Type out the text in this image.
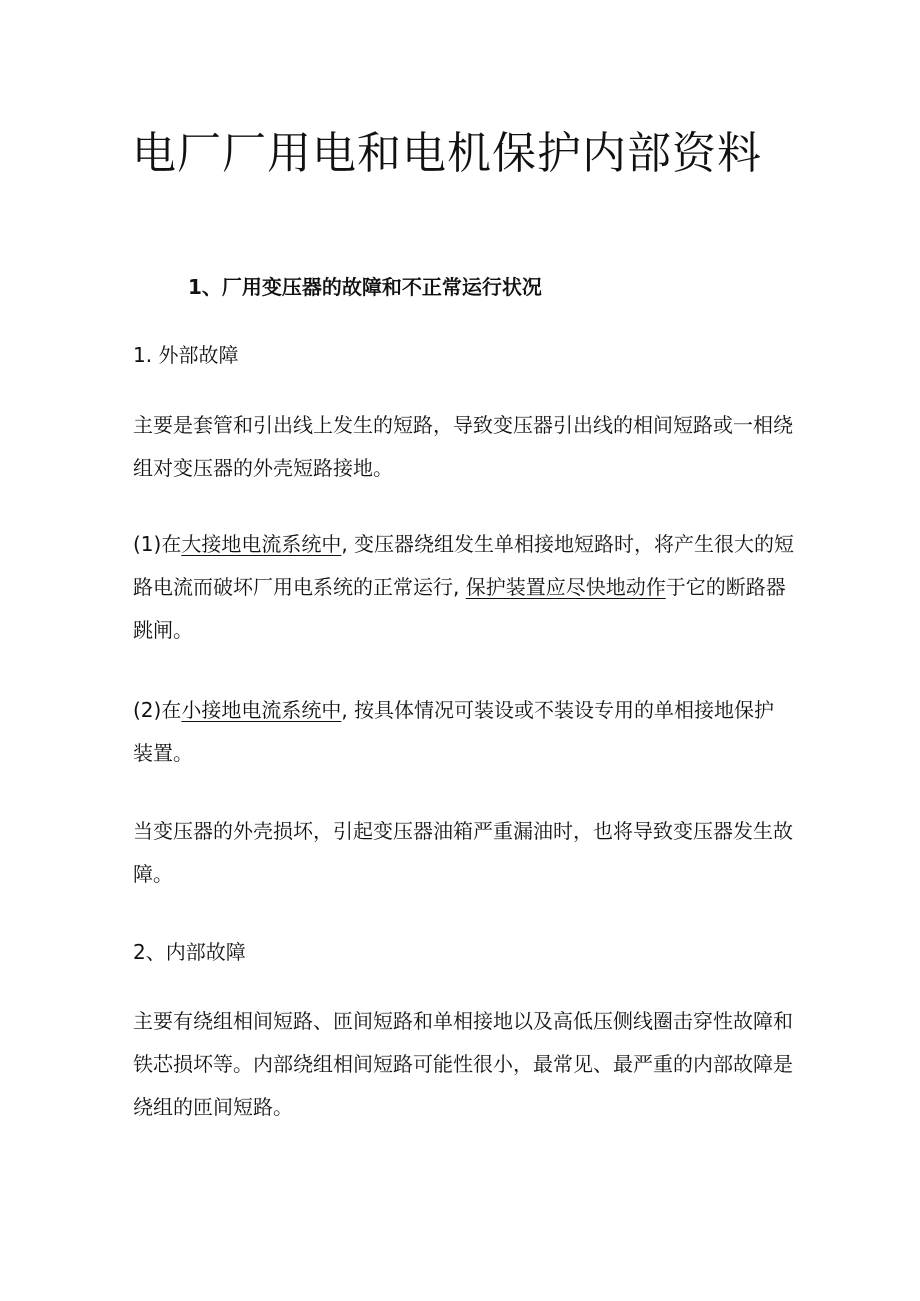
电厂厂用电和电机保护内部资料
1、厂用变压器的故障和不正常运行状况

1. 外部故障

主要是套管和引出线上发生的短路，导致变压器引出线的相间短路或一相绕
组对变压器的外壳短路接地。

(1)在大接地电流系统中, 变压器绕组发生单相接地短路时，将产生很大的短
路电流而破坏厂用电系统的正常运行, 保护装置应尽快地动作于它的断路器
跳闸。

(2)在小接地电流系统中, 按具体情况可装设或不装设专用的单相接地保护
装置。

当变压器的外壳损坏，引起变压器油箱严重漏油时，也将导致变压器发生故
障。

2、内部故障

主要有绕组相间短路、匝间短路和单相接地以及高低压侧线圈击穿性故障和
铁芯损坏等。内部绕组相间短路可能性很小，最常见、最严重的内部故障是
绕组的匝间短路。
